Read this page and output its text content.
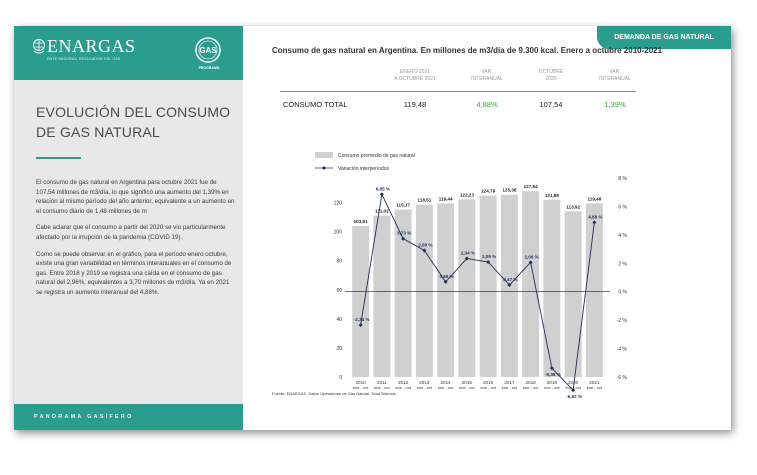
ENARGAS
ENTE NACIONAL REGULADOR DEL GAS
GAS
PROGRAMA
EVOLUCIÓN DEL CONSUMO DE GAS NATURAL

El consumo de gas natural en Argentina para octubre 2021 fue de 107,54 millones de m3/día, lo que significó una aumento del 1,39% en relación al mismo período del año anterior, equivalente a un aumento en el consumo diario de 1,48 millones de m

Cabe aclarar que el consumo a partir del 2020 se vio particularmente afectado por la irrupción de la pandemia (COVID 19).

Como se puede observar en el gráfico, para el período enero octubre, existe una gran variabilidad en términos interanuales en el consumo de gas. Entre 2018 y 2019 se registra una caída en el consumo de gas natural del 2,96%, equivalentes a 3,70 millones de m3/día. Ya en 2021 se registra un aumento interanual del 4,88%.

PANORAMA GASÍFERO
DEMANDA DE GAS NATURAL
Consumo de gas natural en Argentina. En millones de m3/día de 9.300 kcal. Enero a octubre 2010-2021
ENERO 2021
A OCTUBRE 2021
VAR.
INTERANUAL
OCTUBRE
2020
VAR.
INTERANUAL
CONSUMO TOTAL	119,48	4,88%	107,54	1,39%
Consumo promedio de gas natural
Variación interperíodos
0
20
40
60
80
100
120
-6 %
-4 %
-2 %
0 %
2 %
4 %
6 %
8 %
103,91
111,02
115,17
118,51 119,44
122,23
124,79 125,38
127,84
121,89
113,92
119,48
-2,34 %
6,85 %
3,73 %
2,90 %
0,69 %
2,34 %
2,09 %
0,47 %
2,06 %
-5,38 %
-6,92 %
4,88 %
2010
ene - oct
2011
ene - oct
2012
ene - oct
2013
ene - oct
2014
ene - oct
2015
ene - oct
2016
ene - oct
2017
ene - oct
2018
ene - oct
2019
ene - oct
2020
ene - oct
2021
ene - oct
Fuente: ENARGAS. Datos Operadores de Gas Natural. Total Sistema.
